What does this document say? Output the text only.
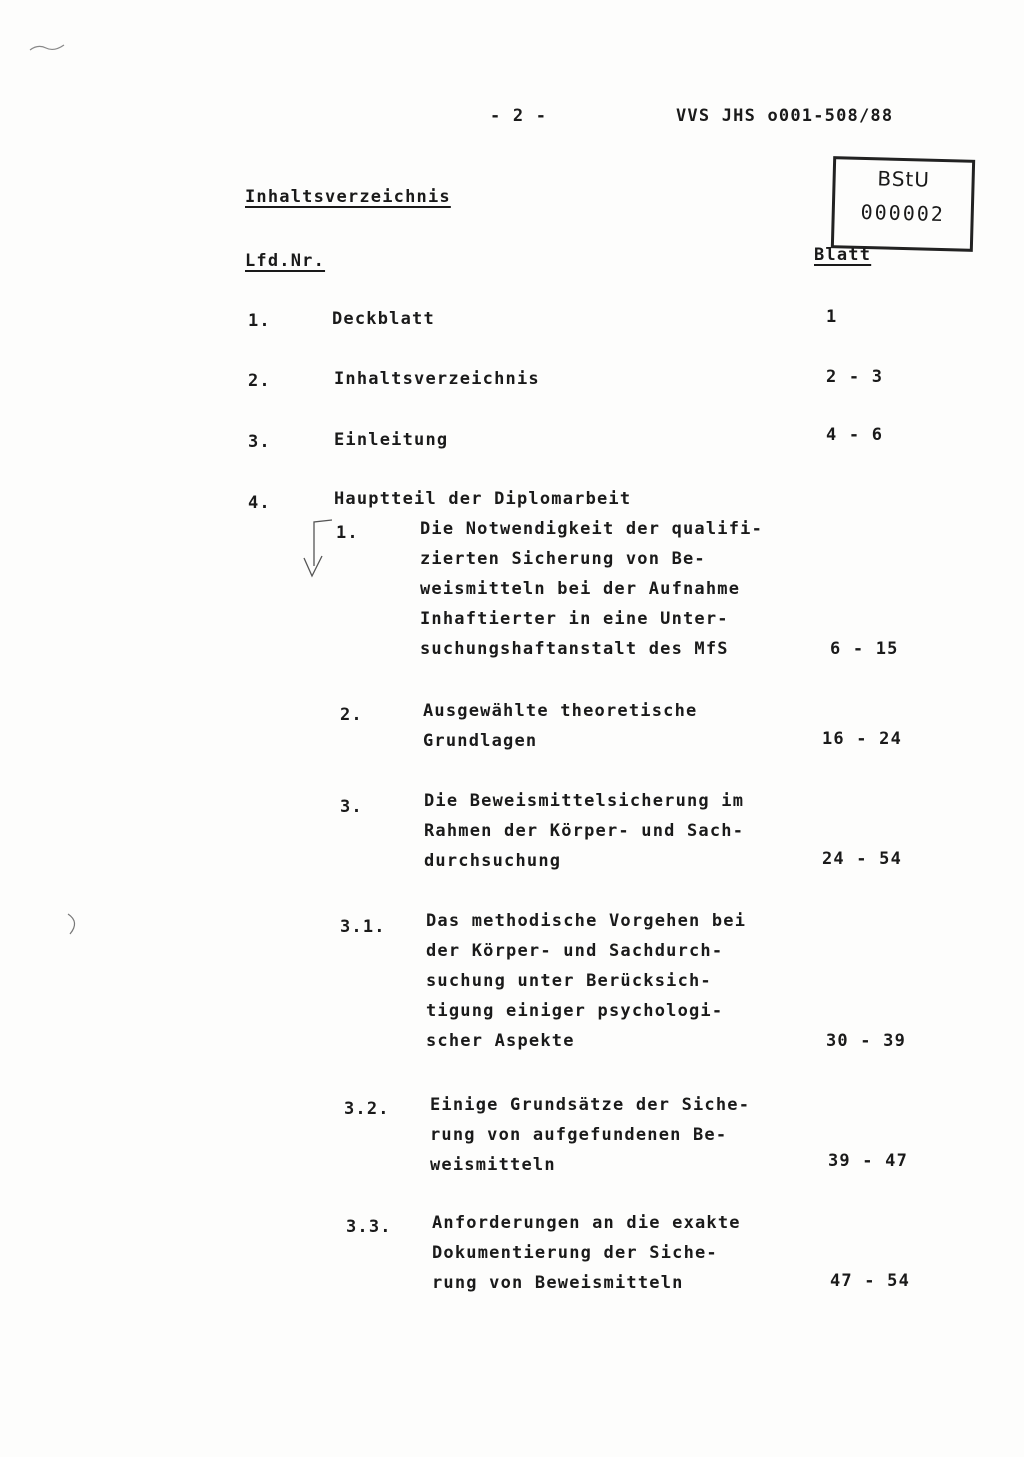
- 2 -	VVS JHS o001-508/88
BStU
000002
Inhaltsverzeichnis
Lfd.Nr.	Blatt
1.	Deckblatt	1
2.	Inhaltsverzeichnis	2 - 3
3.	Einleitung	4 - 6
4.	Hauptteil der Diplomarbeit
1.	Die Notwendigkeit der qualifi-
zierten Sicherung von Be-
weismitteln bei der Aufnahme
Inhaftierter in eine Unter-
suchungshaftanstalt des MfS	6 - 15
2.	Ausgewählte theoretische
Grundlagen	16 - 24
3.	Die Beweismittelsicherung im
Rahmen der Körper- und Sach-
durchsuchung	24 - 54
3.1. Das methodische Vorgehen bei
der Körper- und Sachdurch-
suchung unter Berücksich-
tigung einiger psychologi-
scher Aspekte	30 - 39
3.2. Einige Grundsätze der Siche-
rung von aufgefundenen Be-
weismitteln	39 - 47
3.3. Anforderungen an die exakte
Dokumentierung der Siche-
rung von Beweismitteln	47 - 54
